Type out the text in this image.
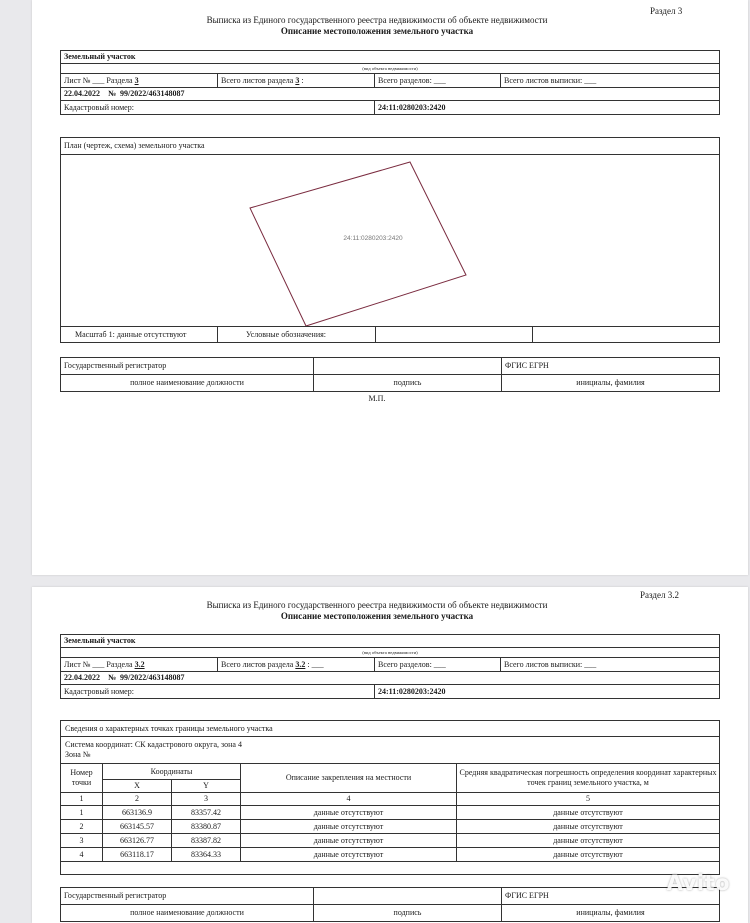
Раздел 3
Выписка из Единого государственного реестра недвижимости об объекте недвижимости
Описание местоположения земельного участка
Земельный участок			
(вид объекта недвижимости)			
Лист № ___ Раздела 3	Всего листов раздела 3 :	Всего разделов: ___	Всего листов выписки: ___
22.04.2022 № 99/2022/463148087			
Кадастровый номер:		24:11:0280203:2420	
План (чертеж, схема) земельного участка
24:11:0280203:2420
Масштаб 1: данные отсутствуют	Условные обозначения:
Государственный регистратор		ФГИС ЕГРН
полное наименование должности	подпись	инициалы, фамилия
М.П.
Раздел 3.2
Выписка из Единого государственного реестра недвижимости об объекте недвижимости
Описание местоположения земельного участка
Земельный участок			
(вид объекта недвижимости)			
Лист № ___ Раздела 3.2	Всего листов раздела 3.2 : ___	Всего разделов: ___	Всего листов выписки: ___
22.04.2022 № 99/2022/463148087			
Кадастровый номер:		24:11:0280203:2420	
Сведения о характерных точках границы земельного участка
Система координат: СК кадастрового округа, зона 4
Зона №
Номер точки	Координаты		Описание закрепления на местности	Средняя квадратическая погрешность определения координат характерных точек границ земельного участка, м
	X	Y		
1	2	3	4	5
1	663136.9	83357.42	данные отсутствуют	данные отсутствуют
2	663145.57	83380.87	данные отсутствуют	данные отсутствуют
3	663126.77	83387.82	данные отсутствуют	данные отсутствуют
4	663118.17	83364.33	данные отсутствуют	данные отсутствуют
Государственный регистратор		ФГИС ЕГРН
полное наименование должности	подпись	инициалы, фамилия
Avito
